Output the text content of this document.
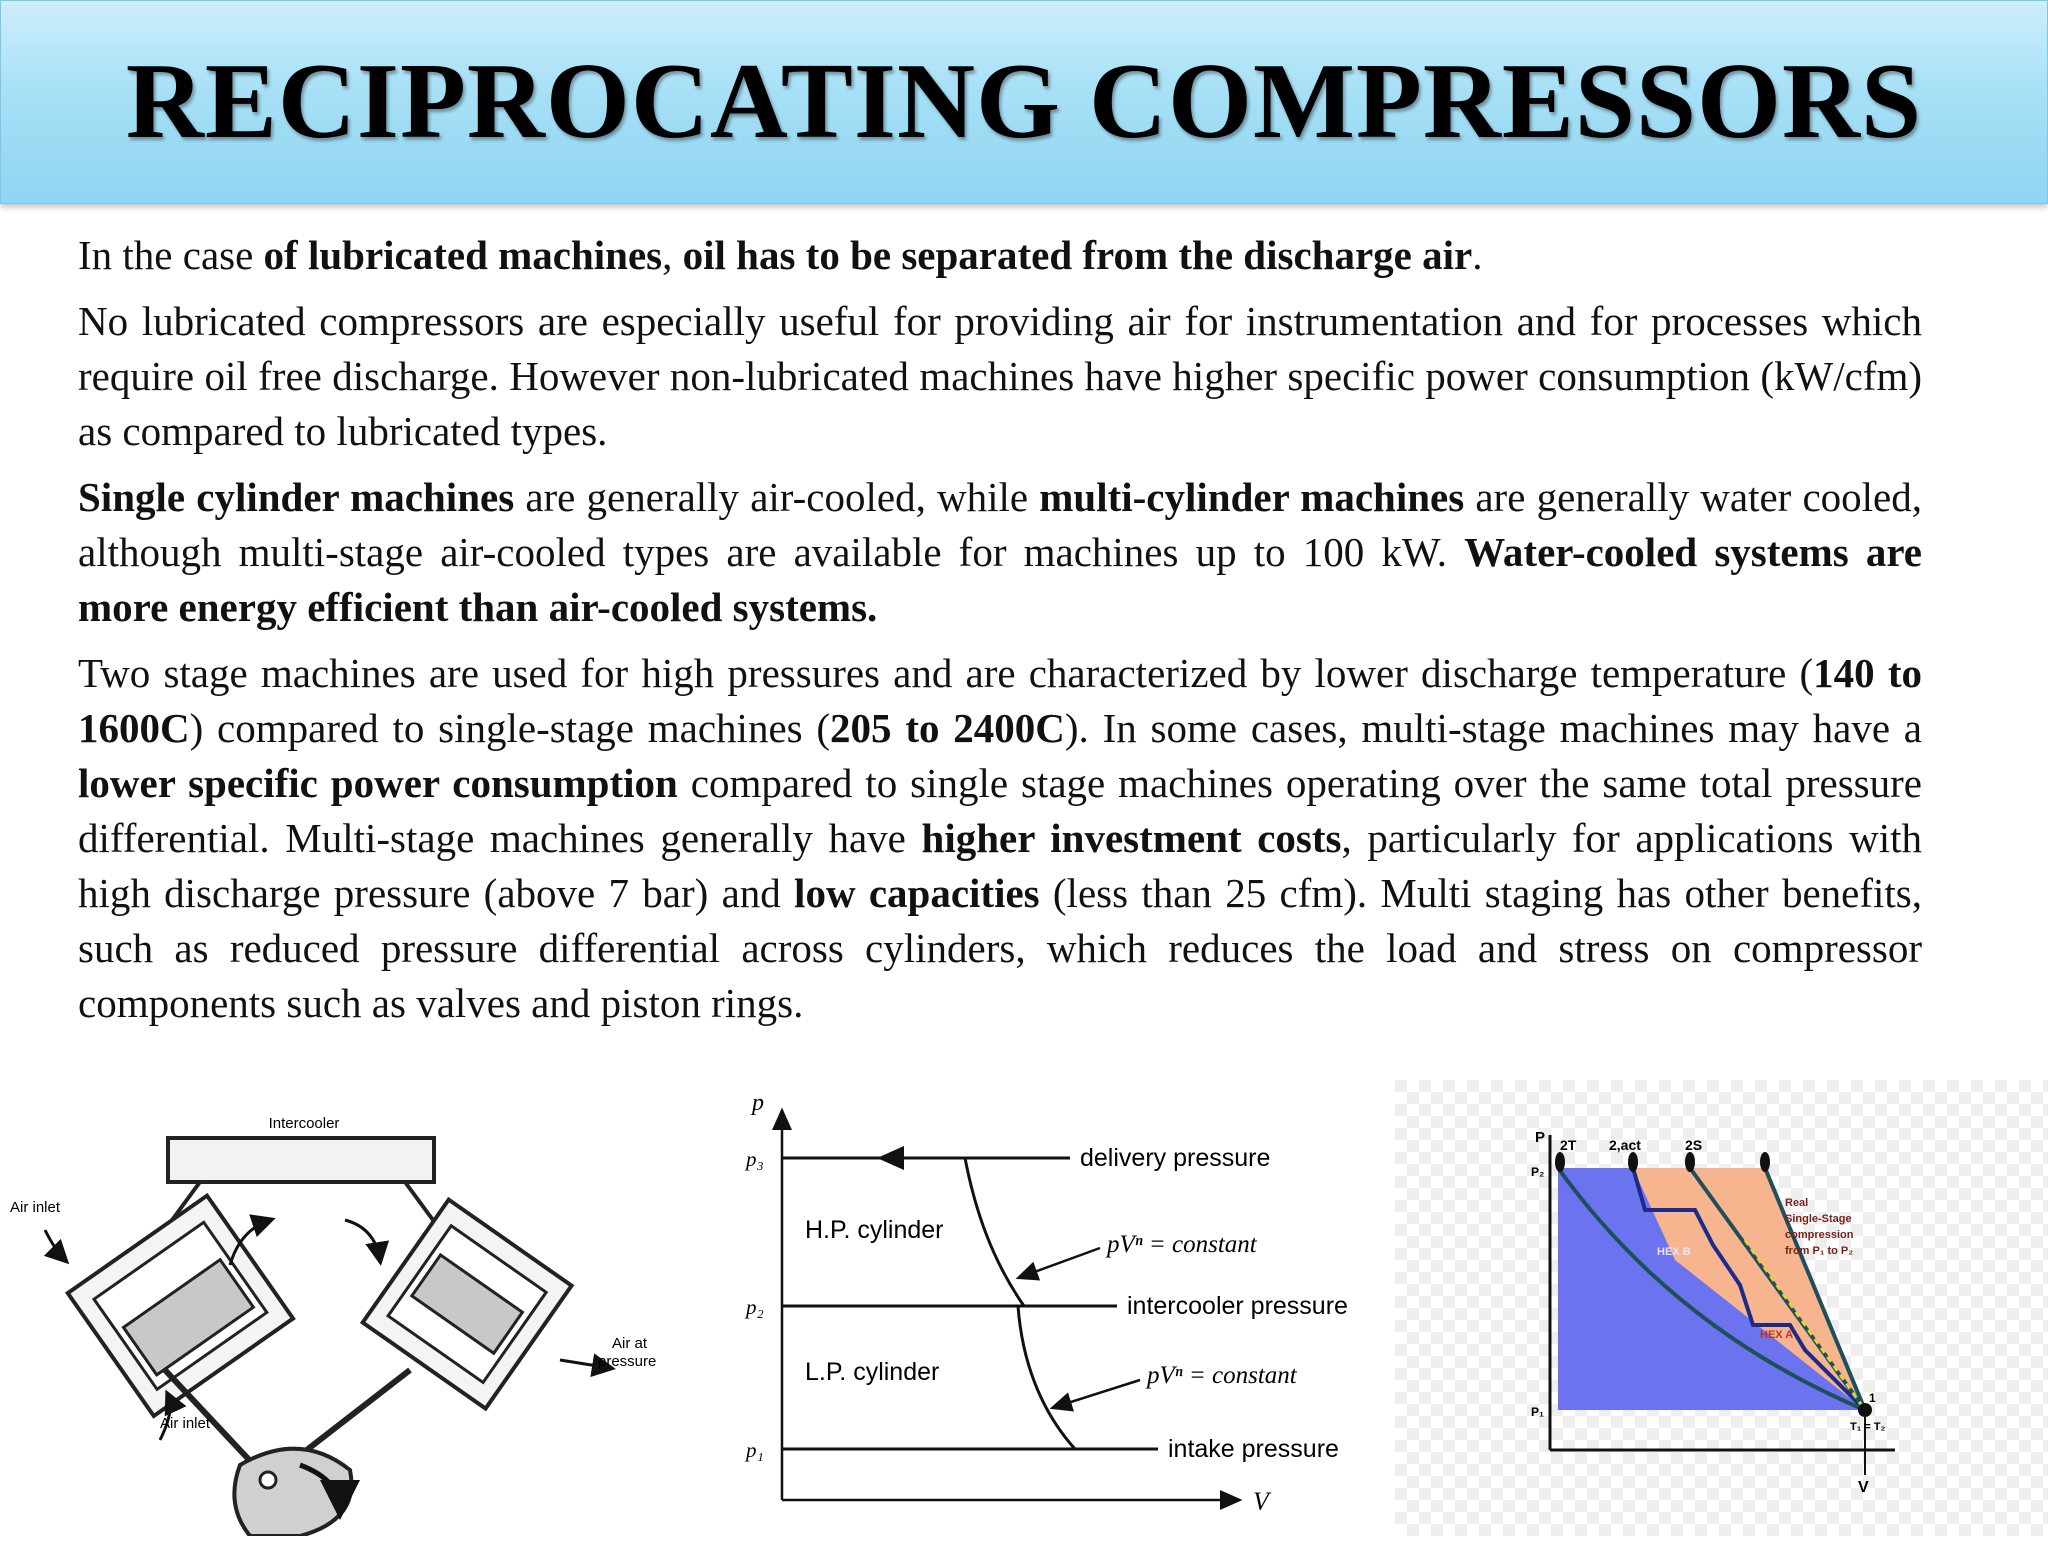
RECIPROCATING COMPRESSORS

In the case of lubricated machines, oil has to be separated from the discharge air.

No lubricated compressors are especially useful for providing air for instrumentation and for processes which require oil free discharge. However non-lubricated machines have higher specific power consumption (kW/cfm) as compared to lubricated types.

Single cylinder machines are generally air-cooled, while multi-cylinder machines are generally water cooled, although multi-stage air-cooled types are available for machines up to 100 kW. Water-cooled systems are more energy efficient than air-cooled systems.

Two stage machines are used for high pressures and are characterized by lower discharge temperature (140 to 1600C) compared to single-stage machines (205 to 2400C). In some cases, multi-stage machines may have a lower specific power consumption compared to single stage machines operating over the same total pressure differential. Multi-stage machines generally have higher investment costs, particularly for applications with high discharge pressure (above 7 bar) and low capacities (less than 25 cfm). Multi staging has other benefits, such as reduced pressure differential across cylinders, which reduces the load and stress on compressor components such as valves and piston rings.

Intercooler
Air inlet
Air inlet
Air at
pressure
p
V
p₃
p₂
p₁
delivery pressure
intercooler pressure
intake pressure
H.P. cylinder
L.P. cylinder
pVⁿ = constant
pVⁿ = constant
P
P₂
P₁
V
2T 2,act	2S
1
T₁ = T₂
HEX B
HEX A
Real
Single-Stage
compression
from P₁ to P₂
